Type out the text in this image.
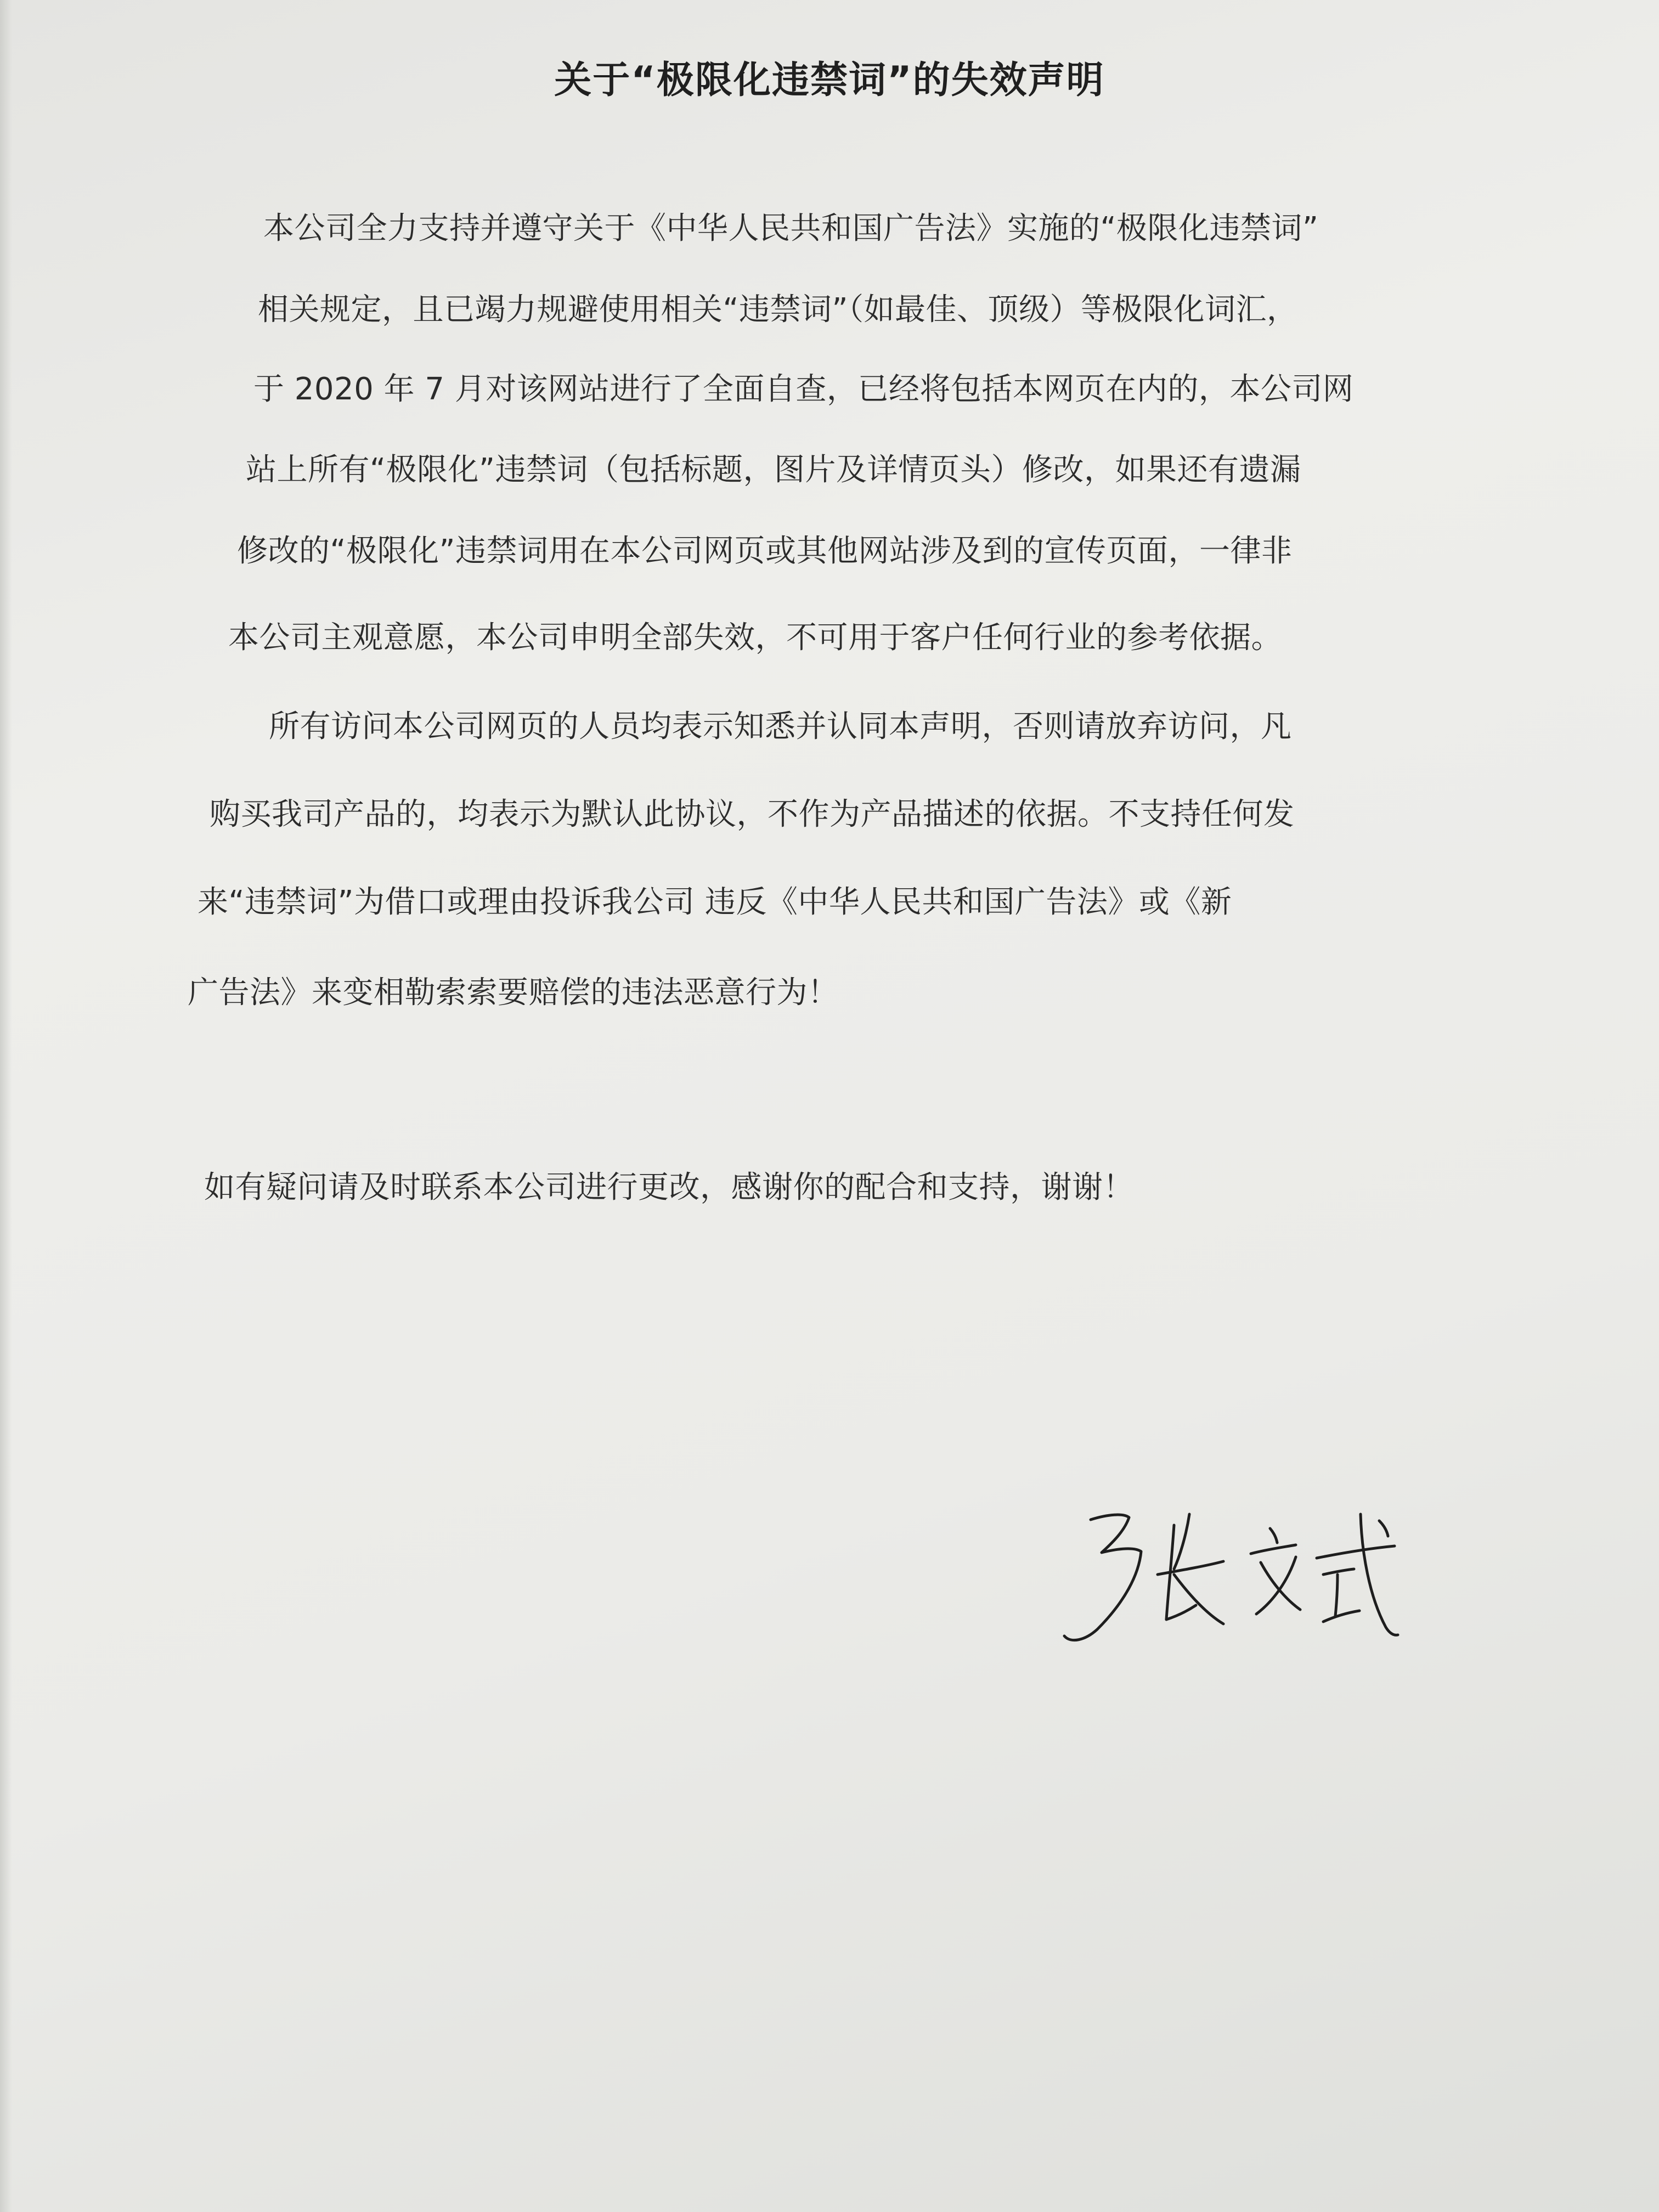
关于“极限化违禁词”的失效声明
本公司全力支持并遵守关于《中华人民共和国广告法》实施的“极限化违禁词”
相关规定，且已竭力规避使用相关“违禁词”（如最佳、顶级）等极限化词汇，
于 2020 年 7 月对该网站进行了全面自查，已经将包括本网页在内的，本公司网
站上所有“极限化”违禁词（包括标题，图片及详情页头）修改，如果还有遗漏
修改的“极限化”违禁词用在本公司网页或其他网站涉及到的宣传页面，一律非
本公司主观意愿，本公司申明全部失效，不可用于客户任何行业的参考依据。
所有访问本公司网页的人员均表示知悉并认同本声明，否则请放弃访问，凡
购买我司产品的，均表示为默认此协议，不作为产品描述的依据。不支持任何发
来“违禁词”为借口或理由投诉我公司 违反《中华人民共和国广告法》或《新
广告法》来变相勒索索要赔偿的违法恶意行为！
如有疑问请及时联系本公司进行更改，感谢你的配合和支持，谢谢！
